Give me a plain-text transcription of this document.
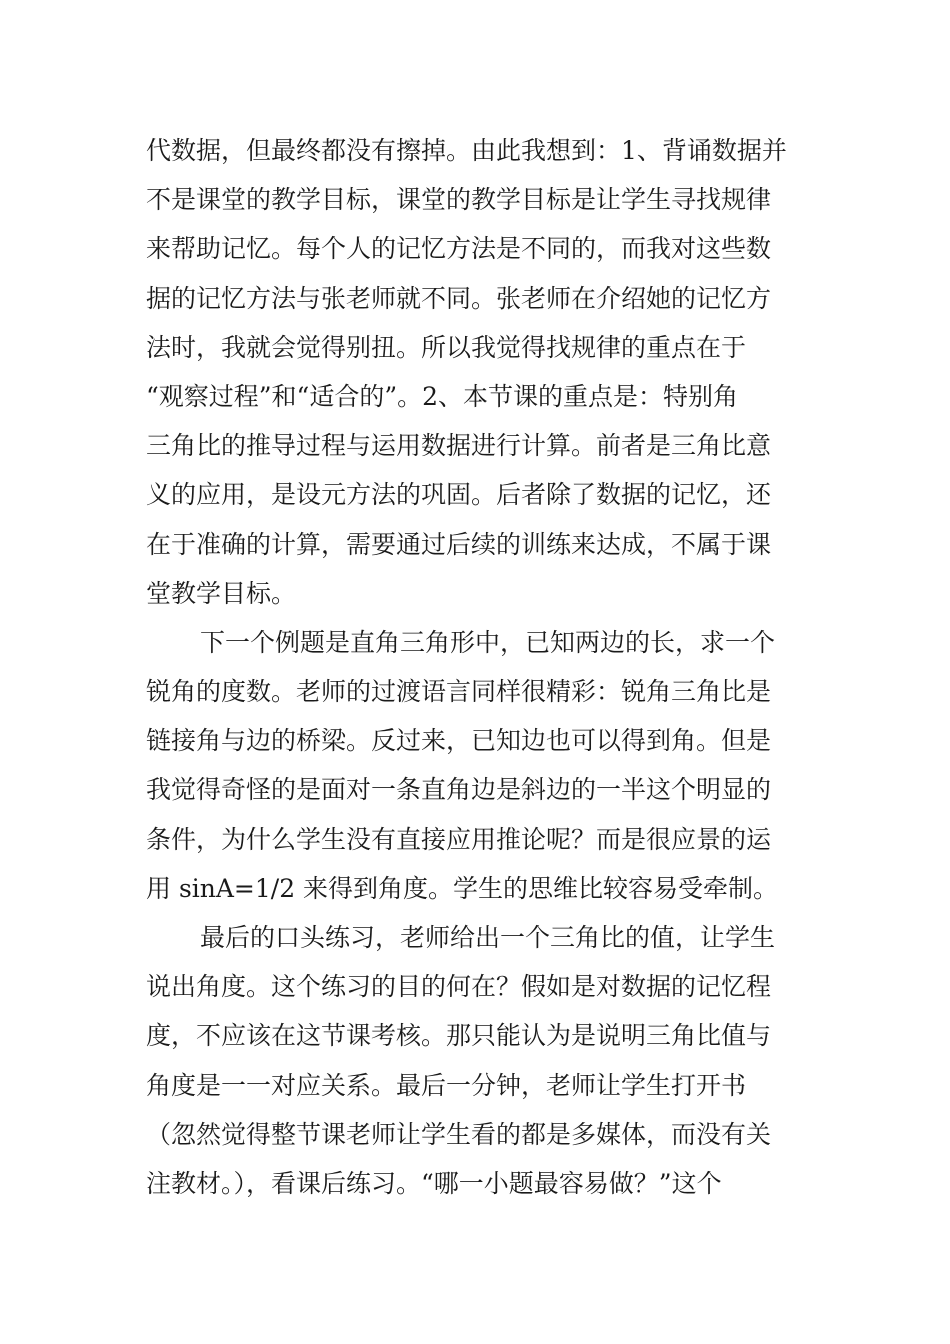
代数据，但最终都没有擦掉。由此我想到：1、背诵数据并
不是课堂的教学目标，课堂的教学目标是让学生寻找规律
来帮助记忆。每个人的记忆方法是不同的，而我对这些数
据的记忆方法与张老师就不同。张老师在介绍她的记忆方
法时，我就会觉得别扭。所以我觉得找规律的重点在于
“观察过程”和“适合的”。2、本节课的重点是：特别角
三角比的推导过程与运用数据进行计算。前者是三角比意
义的应用，是设元方法的巩固。后者除了数据的记忆，还
在于准确的计算，需要通过后续的训练来达成，不属于课
堂教学目标。
下一个例题是直角三角形中，已知两边的长，求一个
锐角的度数。老师的过渡语言同样很精彩：锐角三角比是
链接角与边的桥梁。反过来，已知边也可以得到角。但是
我觉得奇怪的是面对一条直角边是斜边的一半这个明显的
条件，为什么学生没有直接应用推论呢？而是很应景的运
用 sinA=1/2 来得到角度。学生的思维比较容易受牵制。
最后的口头练习，老师给出一个三角比的值，让学生
说出角度。这个练习的目的何在？假如是对数据的记忆程
度，不应该在这节课考核。那只能认为是说明三角比值与
角度是一一对应关系。最后一分钟，老师让学生打开书
（忽然觉得整节课老师让学生看的都是多媒体，而没有关
注教材。），看课后练习。“哪一小题最容易做？”这个
